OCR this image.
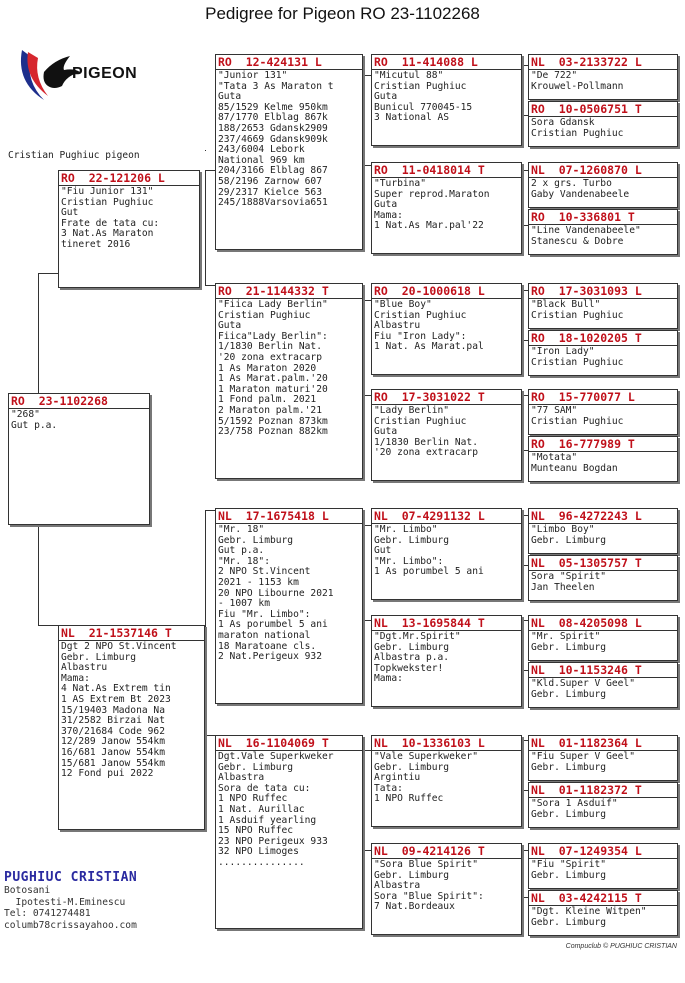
Pedigree for Pigeon RO 23-1102268
PIGEON
Cristian Pughiuc pigeon
RO  23-1102268
"268"
Gut p.a.
RO  22-121206 L
"Fiu Junior 131"
Cristian Pughiuc
Gut
Frate de tata cu:
3 Nat.As Maraton
tineret 2016
NL  21-1537146 T
Dgt 2 NPO St.Vincent
Gebr. Limburg
Albastru
Mama:
4 Nat.As Extrem tin
1 AS Extrem Bt 2023
15/19403 Madona Na
31/2582 Birzai Nat
370/21684 Code 962
12/289 Janow 554km
16/681 Janow 554km
15/681 Janow 554km
12 Fond pui 2022
RO  12-424131 L
"Junior 131"
"Tata 3 As Maraton t
Guta
85/1529 Kelme 950km
87/1770 Elblag 867k
188/2653 Gdansk2909
237/4669 Gdansk909k
243/6004 Lebork
National 969 km
204/3166 Elblag 867
58/2196 Zarnow 607
29/2317 Kielce 563
245/1888Varsovia651
RO  21-1144332 T
"Fiica Lady Berlin"
Cristian Pughiuc
Guta
Fiica"Lady Berlin":
1/1830 Berlin Nat.
'20 zona extracarp
1 As Maraton 2020
1 As Marat.palm.'20
1 Maraton maturi'20
1 Fond palm. 2021
2 Maraton palm.'21
5/1592 Poznan 873km
23/758 Poznan 882km
NL  17-1675418 L
"Mr. 18"
Gebr. Limburg
Gut p.a.
"Mr. 18":
2 NPO St.Vincent
2021 - 1153 km
20 NPO Libourne 2021
- 1007 km
Fiu "Mr. Limbo":
1 As porumbel 5 ani
maraton national
18 Maratoane cls.
2 Nat.Perigeux 932
NL  16-1104069 T
Dgt.Vale Superkweker
Gebr. Limburg
Albastra
Sora de tata cu:
1 NPO Ruffec
1 Nat. Aurillac
1 Asduif yearling
15 NPO Ruffec
23 NPO Perigeux 933
32 NPO Limoges
...............
RO  11-414088 L
"Micutul 88"
Cristian Pughiuc
Guta
Bunicul 770045-15
3 National AS
RO  11-0418014 T
"Turbina"
Super reprod.Maraton
Guta
Mama:
1 Nat.As Mar.pal'22
RO  20-1000618 L
"Blue Boy"
Cristian Pughiuc
Albastru
Fiu "Iron Lady":
1 Nat. As Marat.pal
RO  17-3031022 T
"Lady Berlin"
Cristian Pughiuc
Guta
1/1830 Berlin Nat.
'20 zona extracarp
NL  07-4291132 L
"Mr. Limbo"
Gebr. Limburg
Gut
"Mr. Limbo":
1 As porumbel 5 ani
NL  13-1695844 T
"Dgt.Mr.Spirit"
Gebr. Limburg
Albastra p.a.
Topkwekster!
Mama:
NL  10-1336103 L
"Vale Superkweker"
Gebr. Limburg
Argintiu
Tata:
1 NPO Ruffec
NL  09-4214126 T
"Sora Blue Spirit"
Gebr. Limburg
Albastra
Sora "Blue Spirit":
7 Nat.Bordeaux
NL  03-2133722 L
"De 722"
Krouwel-Pollmann
RO  10-0506751 T
Sora Gdansk
Cristian Pughiuc
NL  07-1260870 L
2 x grs. Turbo
Gaby Vandenabeele
RO  10-336801 T
"Line Vandenabeele"
Stanescu & Dobre
RO  17-3031093 L
"Black Bull"
Cristian Pughiuc
RO  18-1020205 T
"Iron Lady"
Cristian Pughiuc
RO  15-770077 L
"77 SAM"
Cristian Pughiuc
RO  16-777989 T
"Motata"
Munteanu Bogdan
NL  96-4272243 L
"Limbo Boy"
Gebr. Limburg
NL  05-1305757 T
Sora "Spirit"
Jan Theelen
NL  08-4205098 L
"Mr. Spirit"
Gebr. Limburg
NL  10-1153246 T
"Kld.Super V Geel"
Gebr. Limburg
NL  01-1182364 L
"Fiu Super V Geel"
Gebr. Limburg
NL  01-1182372 T
"Sora 1 Asduif"
Gebr. Limburg
NL  07-1249354 L
"Fiu "Spirit"
Gebr. Limburg
NL  03-4242115 T
"Dgt. Kleine Witpen"
Gebr. Limburg
PUGHIUC CRISTIAN
Botosani
Ipotesti-M.Eminescu
Tel: 0741274481
columb78crissayahoo.com
Compuclub © PUGHIUC CRISTIAN
